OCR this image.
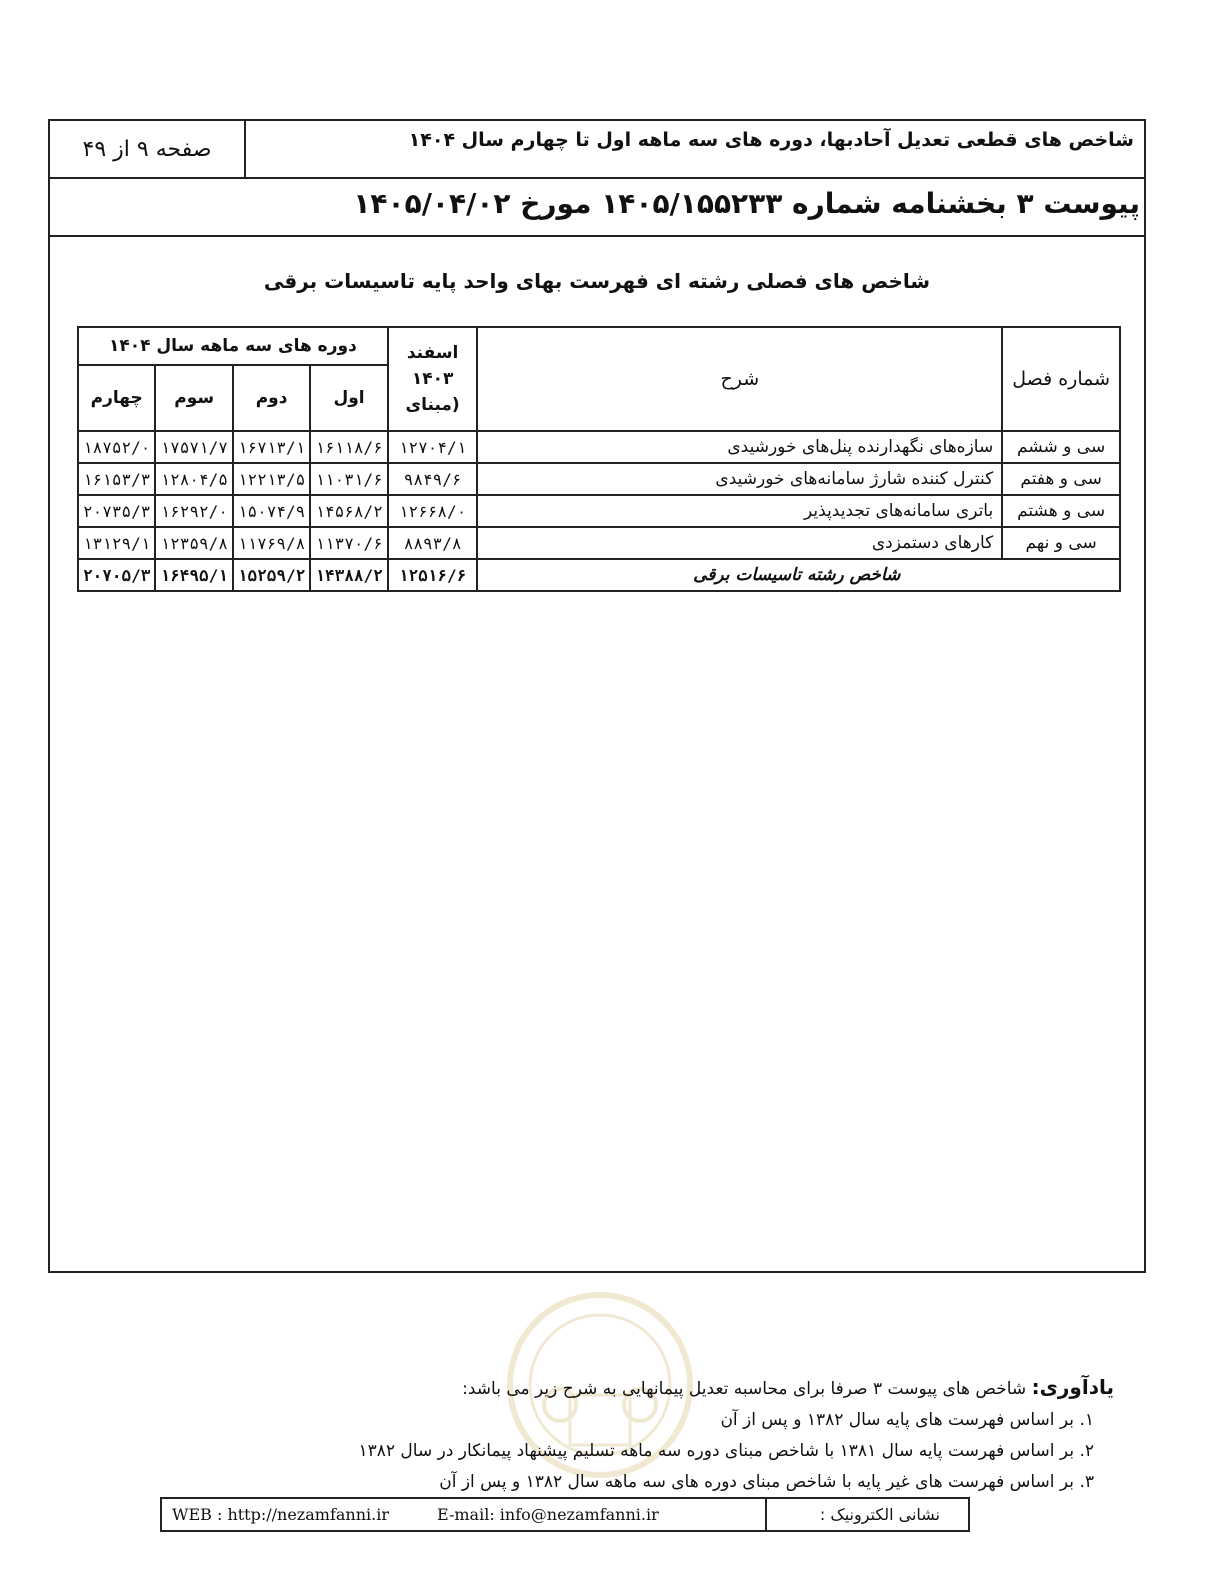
شاخص های قطعی تعدیل آحادبها، دوره های سه ماهه اول تا چهارم سال ۱۴۰۴
صفحه ۹ از ۴۹
پیوست ۳ بخشنامه شماره ۱۴۰۵/۱۵۵۲۳۳ مورخ ۱۴۰۵/۰۴/۰۲
شاخص های فصلی رشته ای فهرست بهای واحد پایه تاسیسات برقی
شماره فصل	شرح	اسفند ۱۴۰۳ (مبنای	دوره های سه ماهه سال ۱۴۰۴			
			اول	دوم	سوم	چهارم
سی و ششم	سازه‌های نگهدارنده پنل‌های خورشیدی	۱۲۷۰۴/۱	۱۶۱۱۸/۶	۱۶۷۱۳/۱	۱۷۵۷۱/۷	۱۸۷۵۲/۰
سی و هفتم	کنترل کننده شارژ سامانه‌های خورشیدی	۹۸۴۹/۶	۱۱۰۳۱/۶	۱۲۲۱۳/۵	۱۲۸۰۴/۵	۱۶۱۵۳/۳
سی و هشتم	باتری سامانه‌های تجدیدپذیر	۱۲۶۶۸/۰	۱۴۵۶۸/۲	۱۵۰۷۴/۹	۱۶۲۹۲/۰	۲۰۷۳۵/۳
سی و نهم	کارهای دستمزدی	۸۸۹۳/۸	۱۱۳۷۰/۶	۱۱۷۶۹/۸	۱۲۳۵۹/۸	۱۳۱۲۹/۱
شاخص رشته تاسیسات برقی		۱۲۵۱۶/۶	۱۴۳۸۸/۲	۱۵۲۵۹/۲	۱۶۴۹۵/۱	۲۰۷۰۵/۳
یادآوری: شاخص های پیوست ۳ صرفا برای محاسبه تعدیل پیمانهایی به شرح زیر می باشد:
۱. بر اساس فهرست های پایه سال ۱۳۸۲ و پس از آن
۲. بر اساس فهرست پایه سال ۱۳۸۱ با شاخص مبنای دوره سه ماهه تسلیم پیشنهاد پیمانکار در سال ۱۳۸۲
۳. بر اساس فهرست های غیر پایه با شاخص مبنای دوره های سه ماهه سال ۱۳۸۲ و پس از آن
نشانی الکترونیک :
WEB : http://nezamfanni.ir	E-mail: info@nezamfanni.ir
